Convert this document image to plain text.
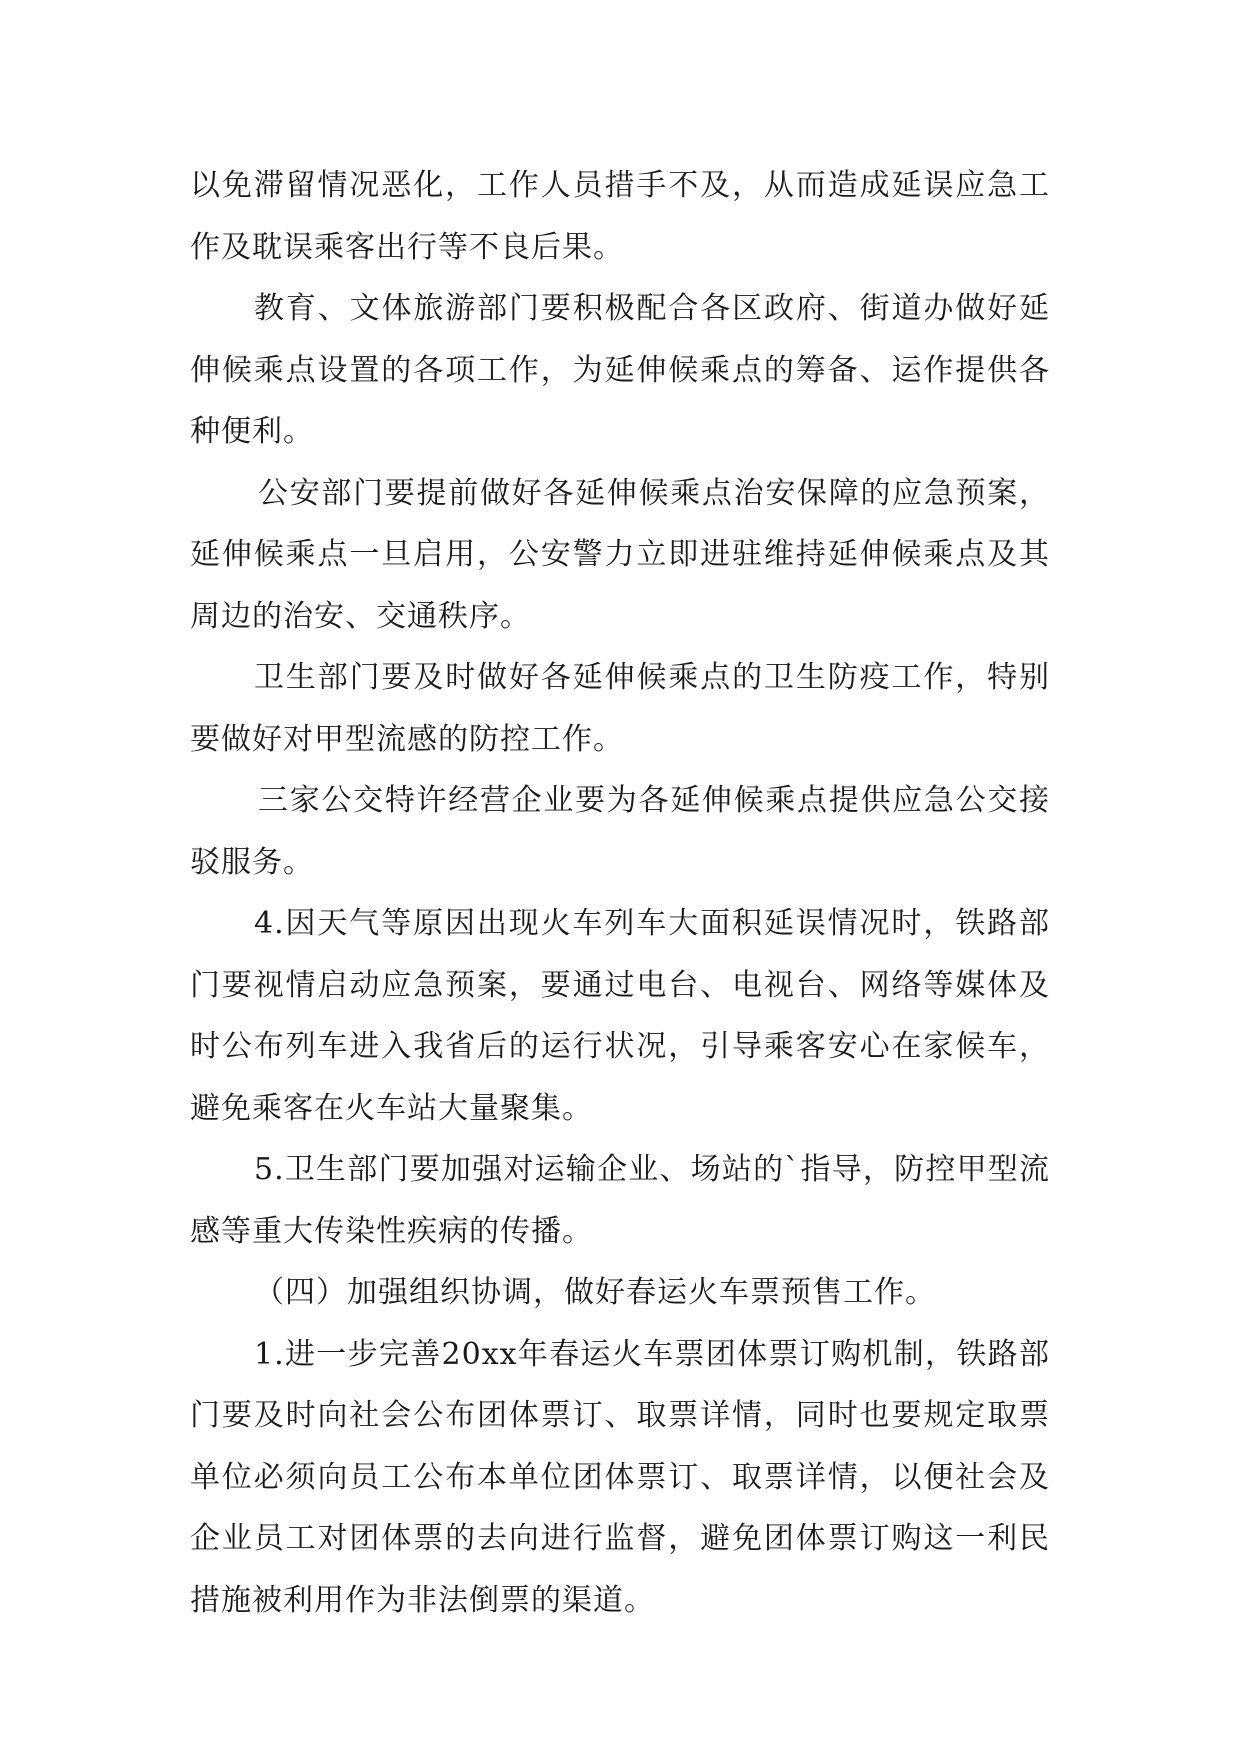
以免滞留情况恶化，工作人员措手不及，从而造成延误应急工作及耽误乘客出行等不良后果。

教育、文体旅游部门要积极配合各区政府、街道办做好延伸候乘点设置的各项工作，为延伸候乘点的筹备、运作提供各种便利。

公安部门要提前做好各延伸候乘点治安保障的应急预案，延伸候乘点一旦启用，公安警力立即进驻维持延伸候乘点及其周边的治安、交通秩序。

卫生部门要及时做好各延伸候乘点的卫生防疫工作，特别要做好对甲型流感的防控工作。

三家公交特许经营企业要为各延伸候乘点提供应急公交接驳服务。

4.因天气等原因出现火车列车大面积延误情况时，铁路部门要视情启动应急预案，要通过电台、电视台、网络等媒体及时公布列车进入我省后的运行状况，引导乘客安心在家候车，避免乘客在火车站大量聚集。

5.卫生部门要加强对运输企业、场站的`指导，防控甲型流感等重大传染性疾病的传播。

（四）加强组织协调，做好春运火车票预售工作。

1.进一步完善20xx年春运火车票团体票订购机制，铁路部门要及时向社会公布团体票订、取票详情，同时也要规定取票单位必须向员工公布本单位团体票订、取票详情，以便社会及企业员工对团体票的去向进行监督，避免团体票订购这一利民措施被利用作为非法倒票的渠道。
